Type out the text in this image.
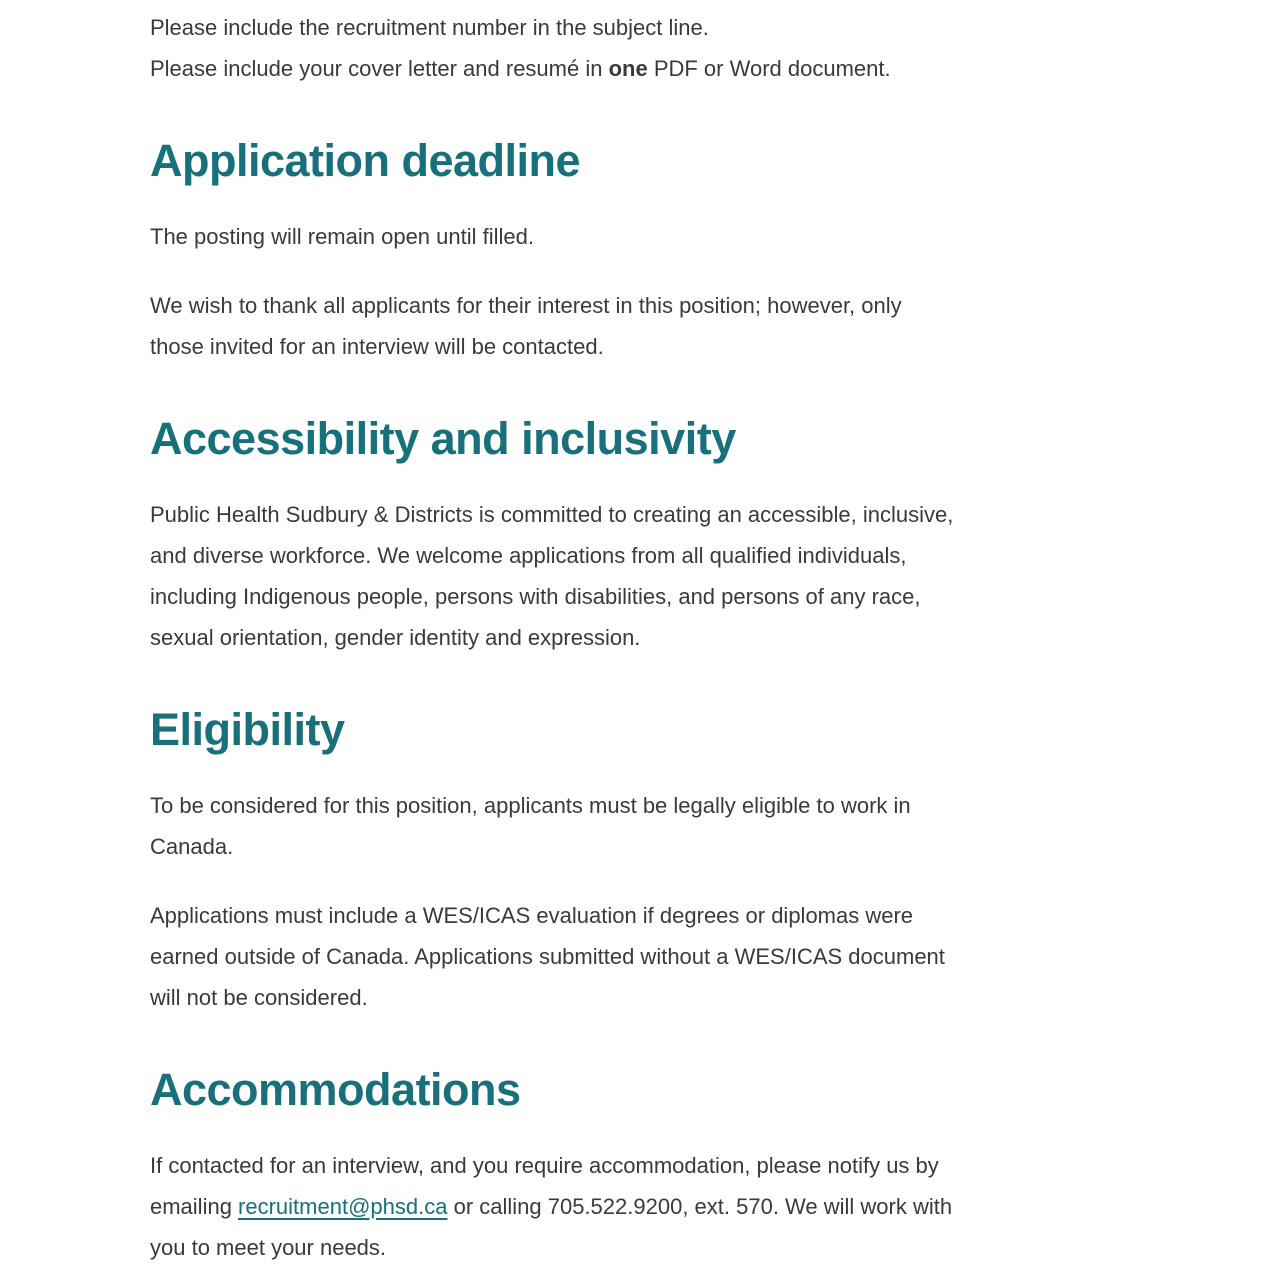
Please include the recruitment number in the subject line.
Please include your cover letter and resumé in one PDF or Word document.

Application deadline

The posting will remain open until filled.

We wish to thank all applicants for their interest in this position; however, only
those invited for an interview will be contacted.

Accessibility and inclusivity

Public Health Sudbury & Districts is committed to creating an accessible, inclusive,
and diverse workforce. We welcome applications from all qualified individuals,
including Indigenous people, persons with disabilities, and persons of any race,
sexual orientation, gender identity and expression.

Eligibility

To be considered for this position, applicants must be legally eligible to work in
Canada.

Applications must include a WES/ICAS evaluation if degrees or diplomas were
earned outside of Canada. Applications submitted without a WES/ICAS document
will not be considered.

Accommodations

If contacted for an interview, and you require accommodation, please notify us by
emailing recruitment@phsd.ca or calling 705.522.9200, ext. 570. We will work with
you to meet your needs.
